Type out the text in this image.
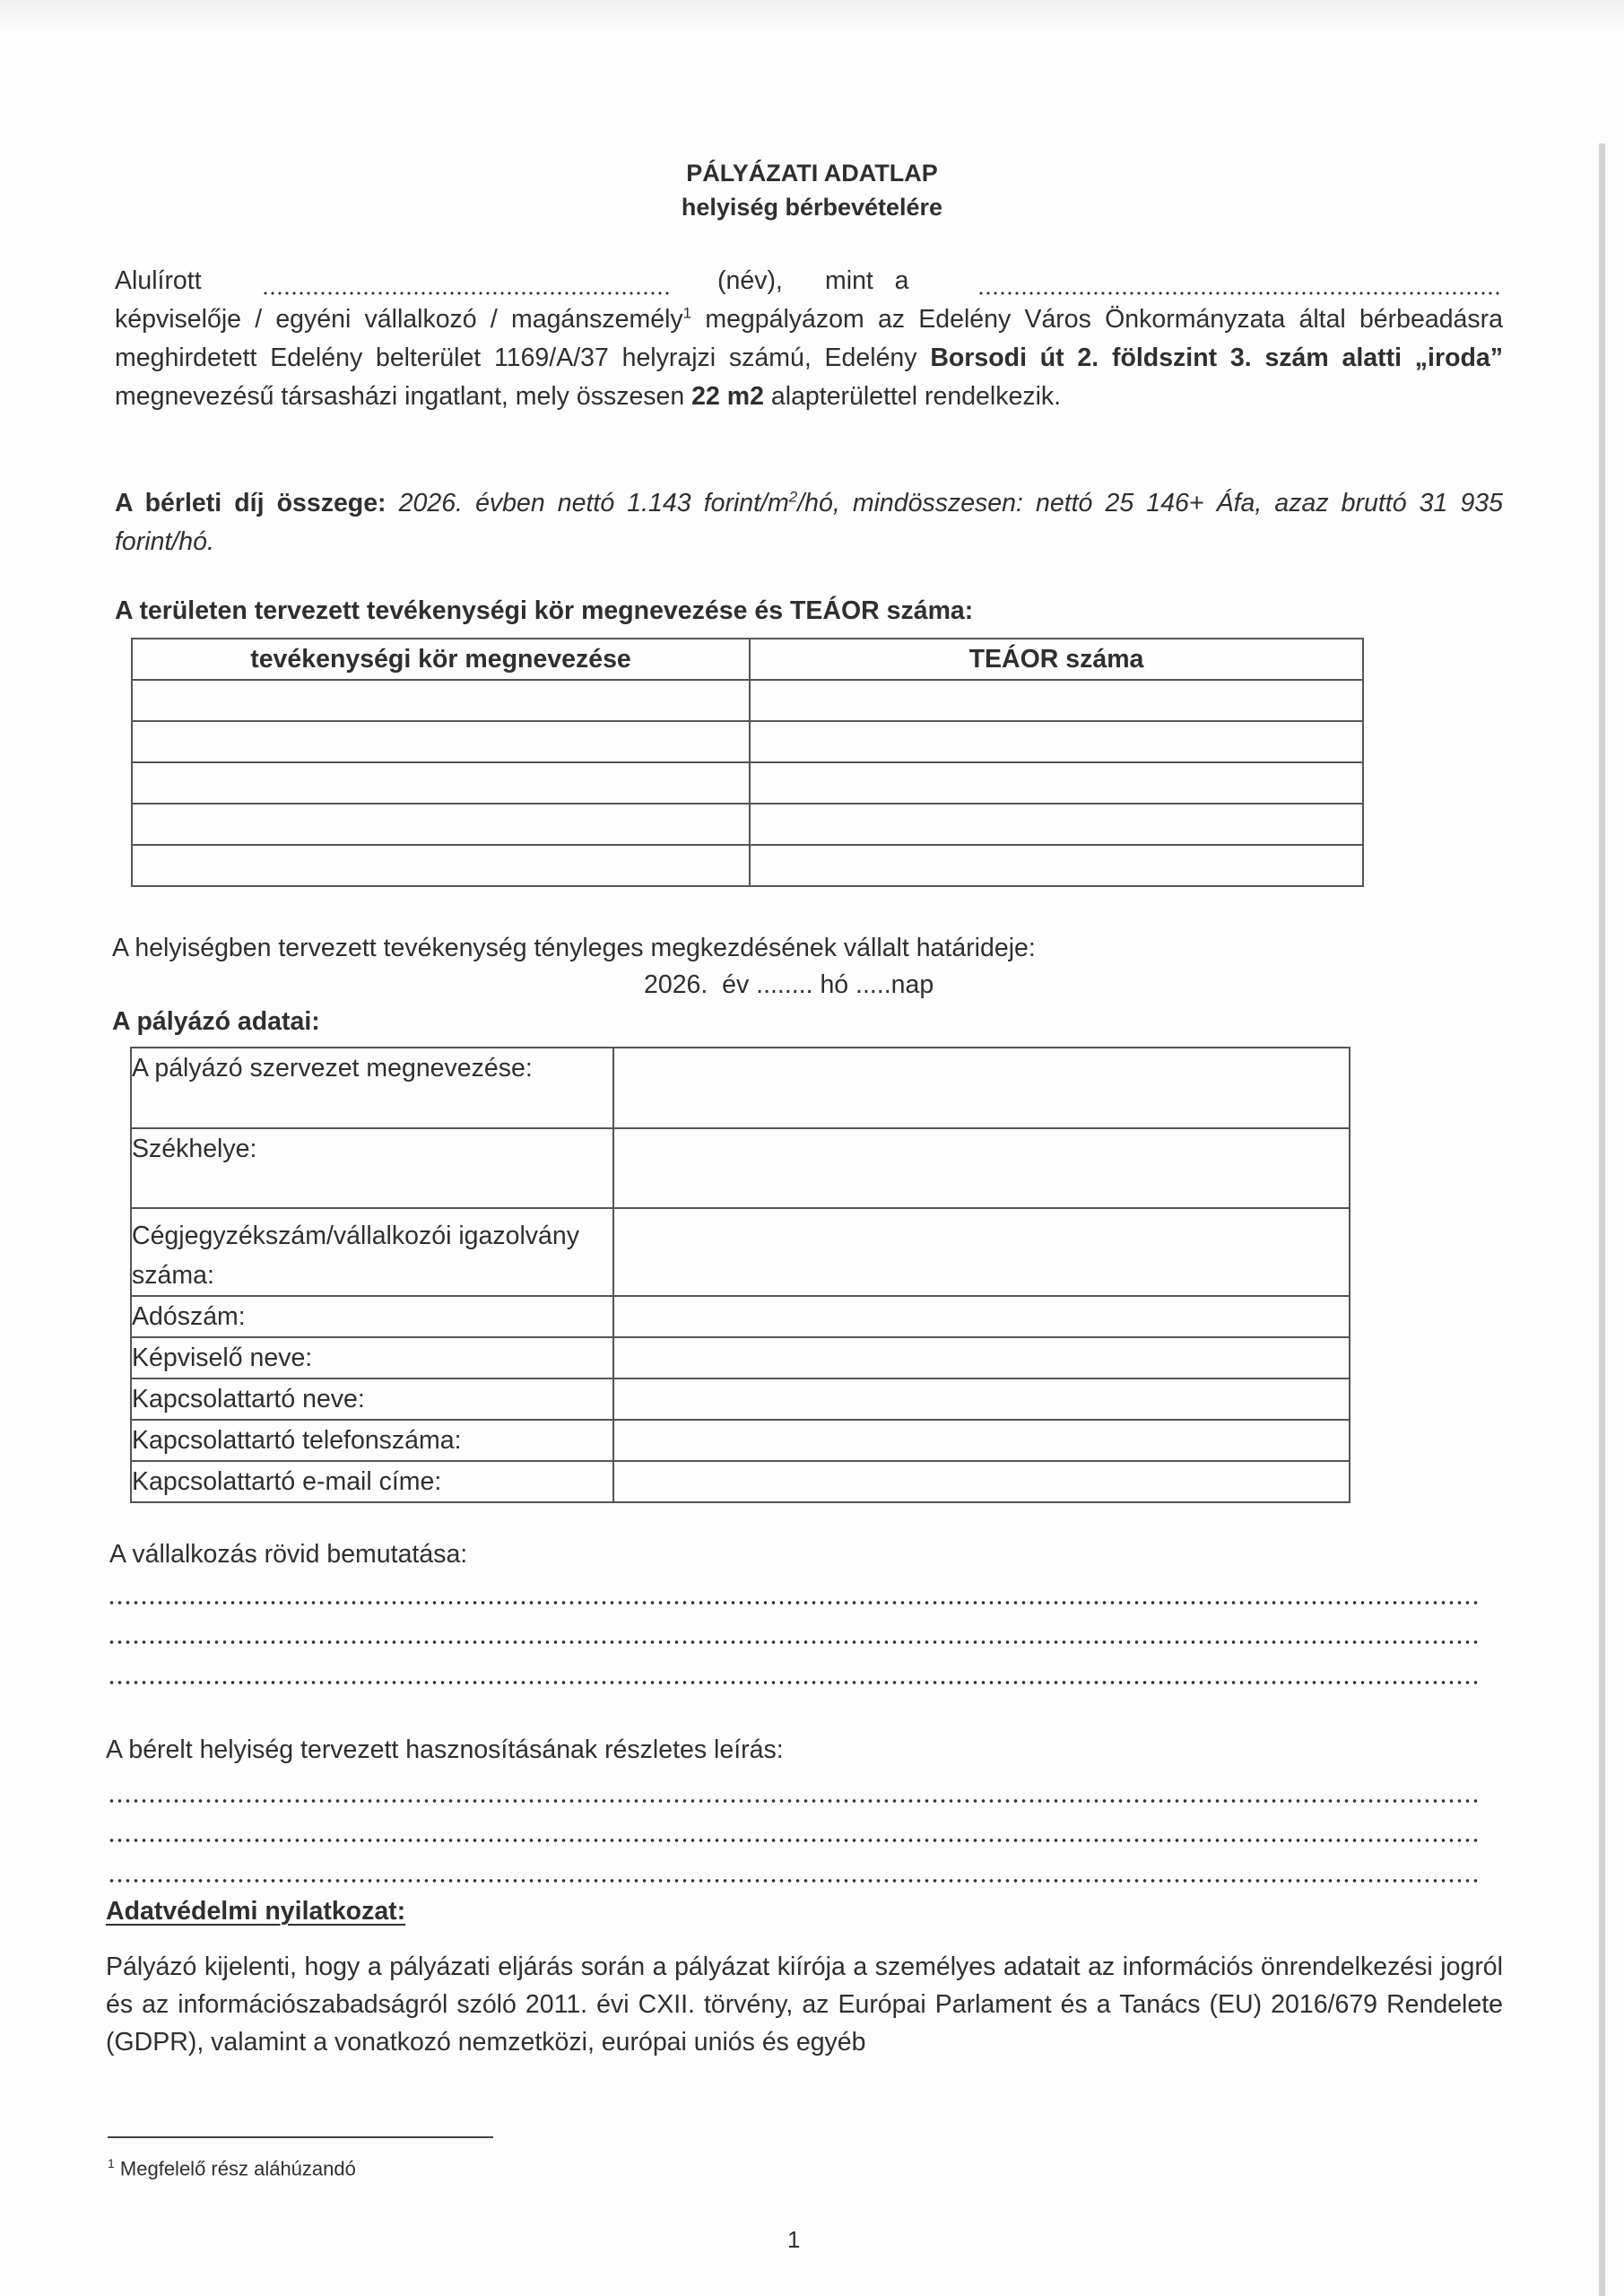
PÁLYÁZATI ADATLAP
helyiség bérbevételére
Alulírott	(név), mint   a
képviselője / egyéni vállalkozó / magánszemély$^1$ megpályázom az Edelény Város Önkormányzata által bérbeadásra meghirdetett Edelény belterület 1169/A/37 helyrajzi számú, Edelény Borsodi út 2. földszint 3. szám alatti „iroda” megnevezésű társasházi ingatlant, mely összesen 22 m2 alapterülettel rendelkezik.
A bérleti díj összege: 2026. évben nettó 1.143 forint/$m^2/hó$, mindösszesen: nettó 25 146+ Áfa, azaz bruttó 31 935 forint/hó.
A területen tervezett tevékenységi kör megnevezése és TEÁOR száma:
tevékenységi kör megnevezése	TEÁOR száma

A helyiségben tervezett tevékenység tényleges megkezdésének vállalt határideje:
2026.  év ........ hó .....nap
A pályázó adatai:
A pályázó szervezet megnevezése:	
Székhelye:	
Cégjegyzékszám/vállalkozói igazolvány száma:	
Adószám:	
Képviselő neve:	
Kapcsolattartó neve:	
Kapcsolattartó telefonszáma:	
Kapcsolattartó e-mail címe:	
A vállalkozás rövid bemutatása:
A bérelt helyiség tervezett hasznosításának részletes leírás:
Adatvédelmi nyilatkozat:
Pályázó kijelenti, hogy a pályázati eljárás során a pályázat kiírója a személyes adatait az információs önrendelkezési jogról és az információszabadságról szóló 2011. évi CXII. törvény, az Európai Parlament és a Tanács (EU) 2016/679 Rendelete (GDPR), valamint a vonatkozó nemzetközi, európai uniós és egyéb
$^1$ Megfelelő rész aláhúzandó
1
